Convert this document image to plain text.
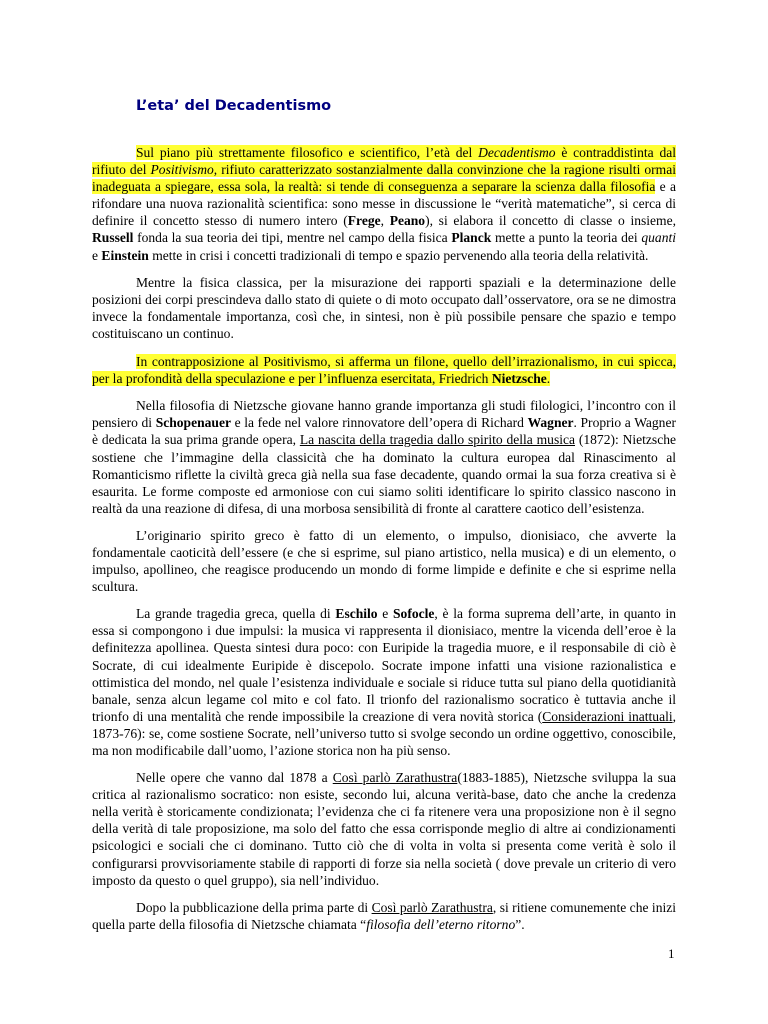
L’eta’ del Decadentismo

Sul piano più strettamente filosofico e scientifico, l’età del Decadentismo è contraddistinta dal rifiuto del Positivismo, rifiuto caratterizzato sostanzialmente dalla convinzione che la ragione risulti ormai inadeguata a spiegare, essa sola, la realtà: si tende di conseguenza a separare la scienza dalla filosofia e a rifondare una nuova razionalità scientifica: sono messe in discussione le “verità matematiche”, si cerca di definire il concetto stesso di numero intero (Frege, Peano), si elabora il concetto di classe o insieme, Russell fonda la sua teoria dei tipi, mentre nel campo della fisica Planck mette a punto la teoria dei quanti e Einstein mette in crisi i concetti tradizionali di tempo e spazio pervenendo alla teoria della relatività.

Mentre la fisica classica, per la misurazione dei rapporti spaziali e la determinazione delle posizioni dei corpi prescindeva dallo stato di quiete o di moto occupato dall’osservatore, ora se ne dimostra invece la fondamentale importanza, così che, in sintesi, non è più possibile pensare che spazio e tempo costituiscano un continuo.

In contrapposizione al Positivismo, si afferma un filone, quello dell’irrazionalismo, in cui spicca, per la profondità della speculazione e per l’influenza esercitata, Friedrich Nietzsche.

Nella filosofia di Nietzsche giovane hanno grande importanza gli studi filologici, l’incontro con il pensiero di Schopenauer e la fede nel valore rinnovatore dell’opera di Richard Wagner. Proprio a Wagner è dedicata la sua prima grande opera, La nascita della tragedia dallo spirito della musica (1872): Nietzsche sostiene che l’immagine della classicità che ha dominato la cultura europea dal Rinascimento al Romanticismo riflette la civiltà greca già nella sua fase decadente, quando ormai la sua forza creativa si è esaurita. Le forme composte ed armoniose con cui siamo soliti identificare lo spirito classico nascono in realtà da una reazione di difesa, di una morbosa sensibilità di fronte al carattere caotico dell’esistenza.

L’originario spirito greco è fatto di un elemento, o impulso, dionisiaco, che avverte la fondamentale caoticità dell’essere (e che si esprime, sul piano artistico, nella musica) e di un elemento, o impulso, apollineo, che reagisce producendo un mondo di forme limpide e definite e che si esprime nella scultura.

La grande tragedia greca, quella di Eschilo e Sofocle, è la forma suprema dell’arte, in quanto in essa si compongono i due impulsi: la musica vi rappresenta il dionisiaco, mentre la vicenda dell’eroe è la definitezza apollinea. Questa sintesi dura poco: con Euripide la tragedia muore, e il responsabile di ciò è Socrate, di cui idealmente Euripide è discepolo. Socrate impone infatti una visione razionalistica e ottimistica del mondo, nel quale l’esistenza individuale e sociale si riduce tutta sul piano della quotidianità banale, senza alcun legame col mito e col fato. Il trionfo del razionalismo socratico è tuttavia anche il trionfo di una mentalità che rende impossibile la creazione di vera novità storica (Considerazioni inattuali, 1873-76): se, come sostiene Socrate, nell’universo tutto si svolge secondo un ordine oggettivo, conoscibile, ma non modificabile dall’uomo, l’azione storica non ha più senso.

Nelle opere che vanno dal 1878 a Così parlò Zarathustra(1883-1885), Nietzsche sviluppa la sua critica al razionalismo socratico: non esiste, secondo lui, alcuna verità-base, dato che anche la credenza nella verità è storicamente condizionata; l’evidenza che ci fa ritenere vera una proposizione non è il segno della verità di tale proposizione, ma solo del fatto che essa corrisponde meglio di altre ai condizionamenti psicologici e sociali che ci dominano. Tutto ciò che di volta in volta si presenta come verità è solo il configurarsi provvisoriamente stabile di rapporti di forze sia nella società ( dove prevale un criterio di vero imposto da questo o quel gruppo), sia nell’individuo.

Dopo la pubblicazione della prima parte di Così parlò Zarathustra, si ritiene comunemente che inizi quella parte della filosofia di Nietzsche chiamata “filosofia dell’eterno ritorno”.

1
